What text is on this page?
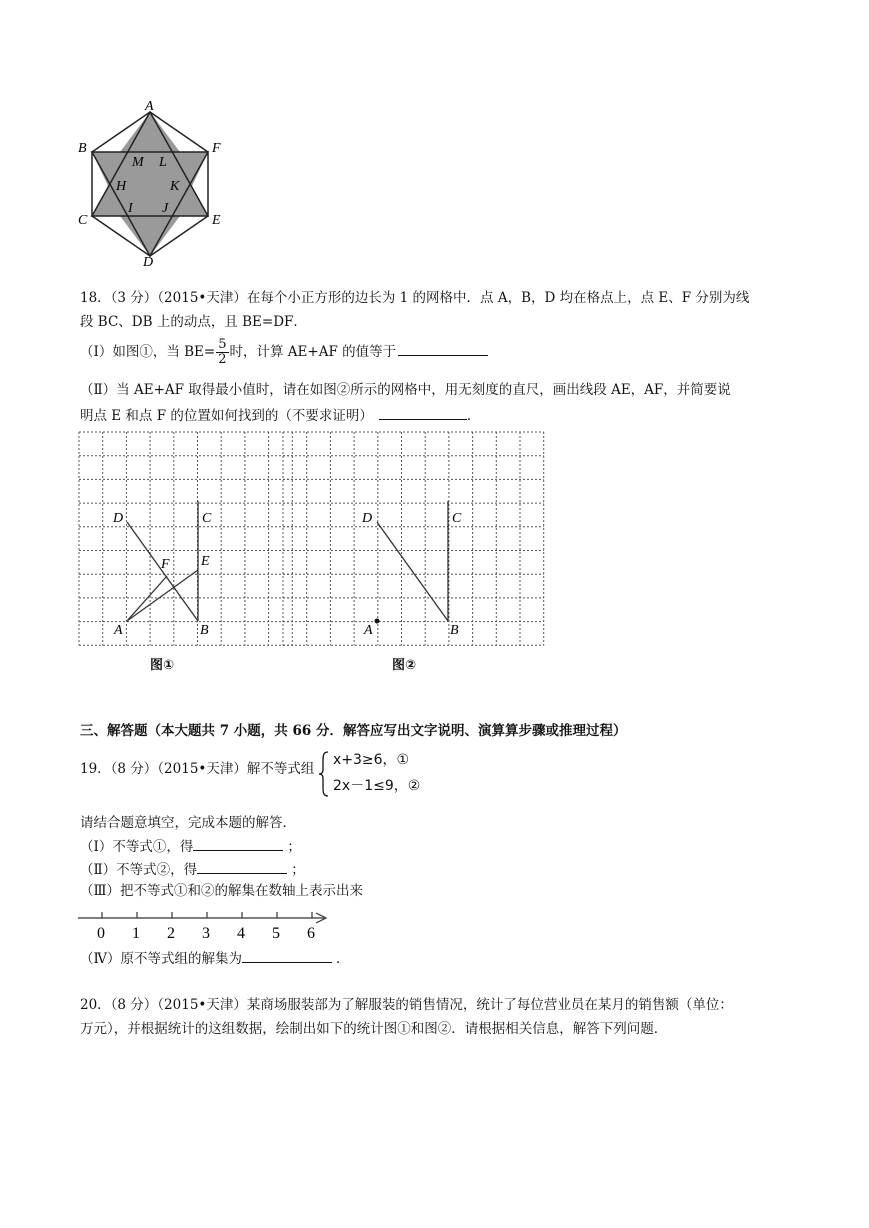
A
B	F
C	E
D
M L
H	K
I J
18．（3 分）（2015•天津）在每个小正方形的边长为 1 的网格中．点 A，B，D 均在格点上，点 E、F 分别为线
段 BC、DB 上的动点，且 BE=DF．
（Ⅰ）如图①，当 $BE= \frac{5}{2}$ 时，计算 AE+AF 的值等于
（Ⅱ）当 AE+AF 取得最小值时，请在如图②所示的网格中，用无刻度的直尺，画出线段 AE，AF，并简要说
明点 E 和点 F 的位置如何找到的（不要求证明）	．
D	C
F E
A	B
图①
D	C
A	B
图②
三、解答题（本大题共 7 小题，共 66 分．解答应写出文字说明、演算算步骤或推理过程）
19．（8 分）（2015•天津）解不等式组
x+3≥6，①
2x－1≤9，②
请结合题意填空，完成本题的解答．
（Ⅰ）不等式①，得	；
（Ⅱ）不等式②，得	；
（Ⅲ）把不等式①和②的解集在数轴上表示出来
0 1 2 3 4 5 6
（Ⅳ）原不等式组的解集为	．
20．（8 分）（2015•天津）某商场服装部为了解服装的销售情况，统计了每位营业员在某月的销售额（单位：
万元），并根据统计的这组数据，绘制出如下的统计图①和图②．请根据相关信息，解答下列问题．
